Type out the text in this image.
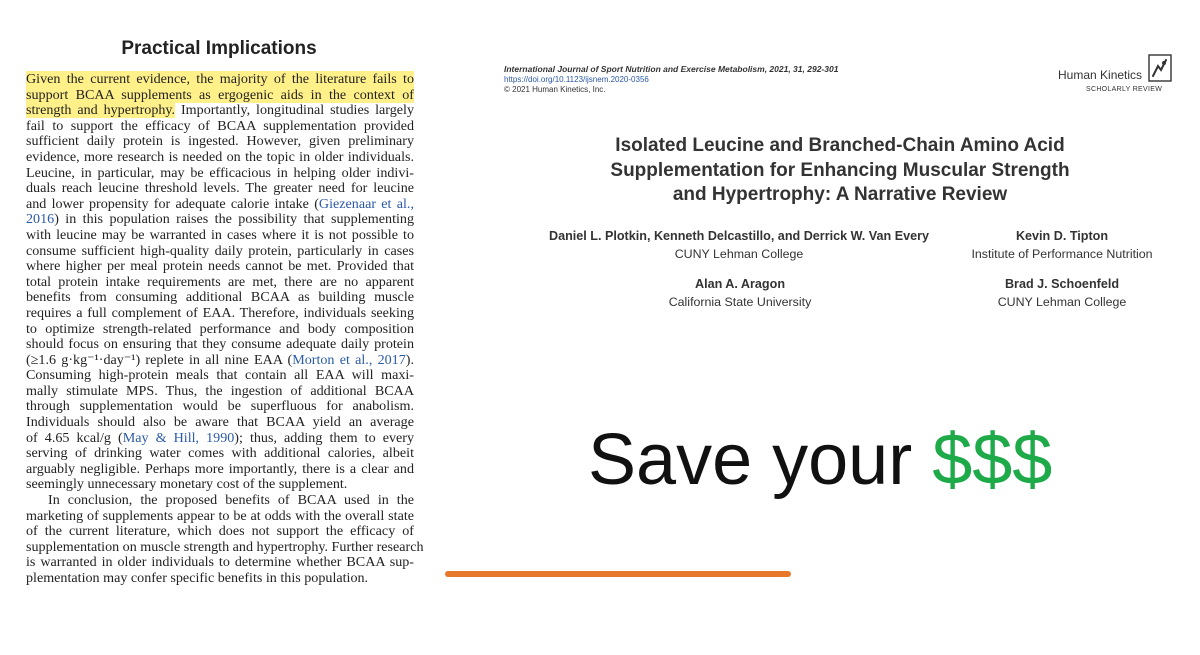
Practical Implications
Given the current evidence, the majority of the literature fails to
support BCAA supplements as ergogenic aids in the context of
strength and hypertrophy. Importantly, longitudinal studies largely
fail to support the efficacy of BCAA supplementation provided
sufficient daily protein is ingested. However, given preliminary
evidence, more research is needed on the topic in older individuals.
Leucine, in particular, may be efficacious in helping older indivi-
duals reach leucine threshold levels. The greater need for leucine
and lower propensity for adequate calorie intake (Giezenaar et al.,
2016) in this population raises the possibility that supplementing
with leucine may be warranted in cases where it is not possible to
consume sufficient high-quality daily protein, particularly in cases
where higher per meal protein needs cannot be met. Provided that
total protein intake requirements are met, there are no apparent
benefits from consuming additional BCAA as building muscle
requires a full complement of EAA. Therefore, individuals seeking
to optimize strength-related performance and body composition
should focus on ensuring that they consume adequate daily protein
(≥1.6 g·kg⁻¹·day⁻¹) replete in all nine EAA (Morton et al., 2017).
Consuming high-protein meals that contain all EAA will maxi-
mally stimulate MPS. Thus, the ingestion of additional BCAA
through supplementation would be superfluous for anabolism.
Individuals should also be aware that BCAA yield an average
of 4.65 kcal/g (May & Hill, 1990); thus, adding them to every
serving of drinking water comes with additional calories, albeit
arguably negligible. Perhaps more importantly, there is a clear and
seemingly unnecessary monetary cost of the supplement.
In conclusion, the proposed benefits of BCAA used in the
marketing of supplements appear to be at odds with the overall state
of the current literature, which does not support the efficacy of
supplementation on muscle strength and hypertrophy. Further research
is warranted in older individuals to determine whether BCAA sup-
plementation may confer specific benefits in this population.
International Journal of Sport Nutrition and Exercise Metabolism, 2021, 31, 292-301
https://doi.org/10.1123/ijsnem.2020-0356
© 2021 Human Kinetics, Inc.
Human Kinetics
SCHOLARLY REVIEW
Isolated Leucine and Branched-Chain Amino Acid
Supplementation for Enhancing Muscular Strength
and Hypertrophy: A Narrative Review
Daniel L. Plotkin, Kenneth Delcastillo, and Derrick W. Van Every
CUNY Lehman College
Kevin D. Tipton
Institute of Performance Nutrition
Alan A. Aragon
California State University
Brad J. Schoenfeld
CUNY Lehman College
Save your $$$
